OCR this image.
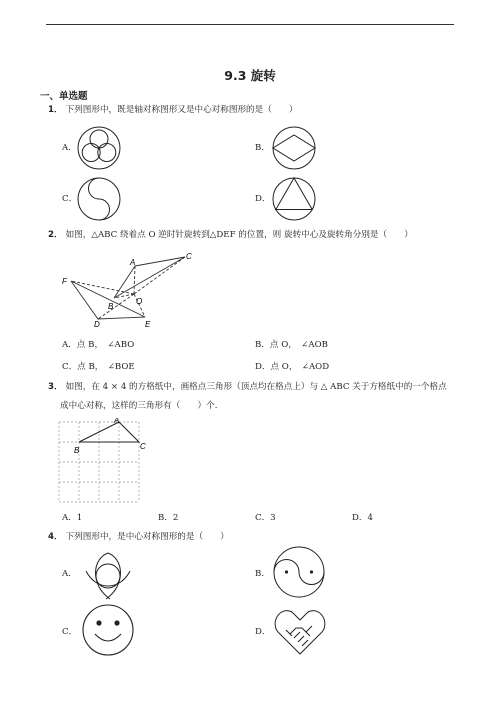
9.3 旋转
一、单选题
1． 下列图形中，既是轴对称图形又是中心对称图形的是（　　）
A．	B．
C．	D．
2． 如图，△ABC 绕着点 O 逆时针旋转到△DEF 的位置，则 旋转中心及旋转角分别是（　　）
A
C
F
B
O
D	E
A．点 B，　∠ABO	B．点 O，　∠AOB
C．点 B，　∠BOE	D．点 O，　∠AOD
3． 如图，在 4 × 4 的方格纸中，画格点三角形（顶点均在格点上）与 △ ABC 关于方格纸中的一个格点
成中心对称，这样的三角形有（　　）个.
A
B	C
A．1	B．2	C．3	D．4
4． 下列图形中，是中心对称图形的是（　　）
A．	B．
C．	D．
